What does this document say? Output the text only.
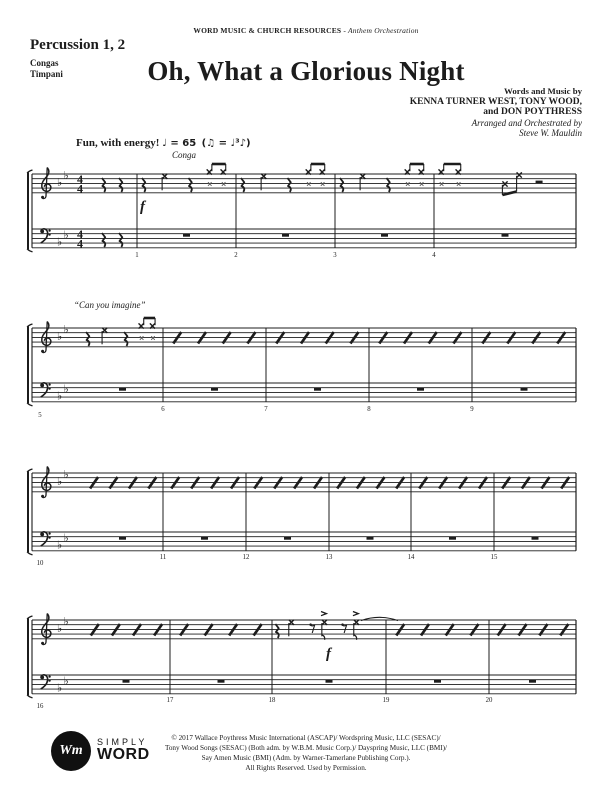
♭
♭
♭
♭
4
4
4
4
1	2	3	4
♭
♭
♭
♭
6	7	8	9
5
♭
♭
♭
♭
11	12	13	14	15
10
♭
♭
♭
♭
17	18	19	20
16
WORD MUSIC & CHURCH RESOURCES - Anthem Orchestration
Percussion 1, 2
Congas
Timpani	Oh, What a Glorious Night
Words and Music by
KENNA TURNER WEST, TONY WOOD,
and DON POYTHRESS
Arranged and Orchestrated by
Steve W. Mauldin
Fun, with energy! ♩ = 65 (♫ = ♩³♪)
Conga
“Can you imagine”
f
f
Wm
SIMPLY
WORD
© 2017 Wallace Poythress Music International (ASCAP)/ Wordspring Music, LLC (SESAC)/
Tony Wood Songs (SESAC) (Both adm. by W.B.M. Music Corp.)/ Dayspring Music, LLC (BMI)/
Say Amen Music (BMI) (Adm. by Warner-Tamerlane Publishing Corp.).
All Rights Reserved. Used by Permission.
